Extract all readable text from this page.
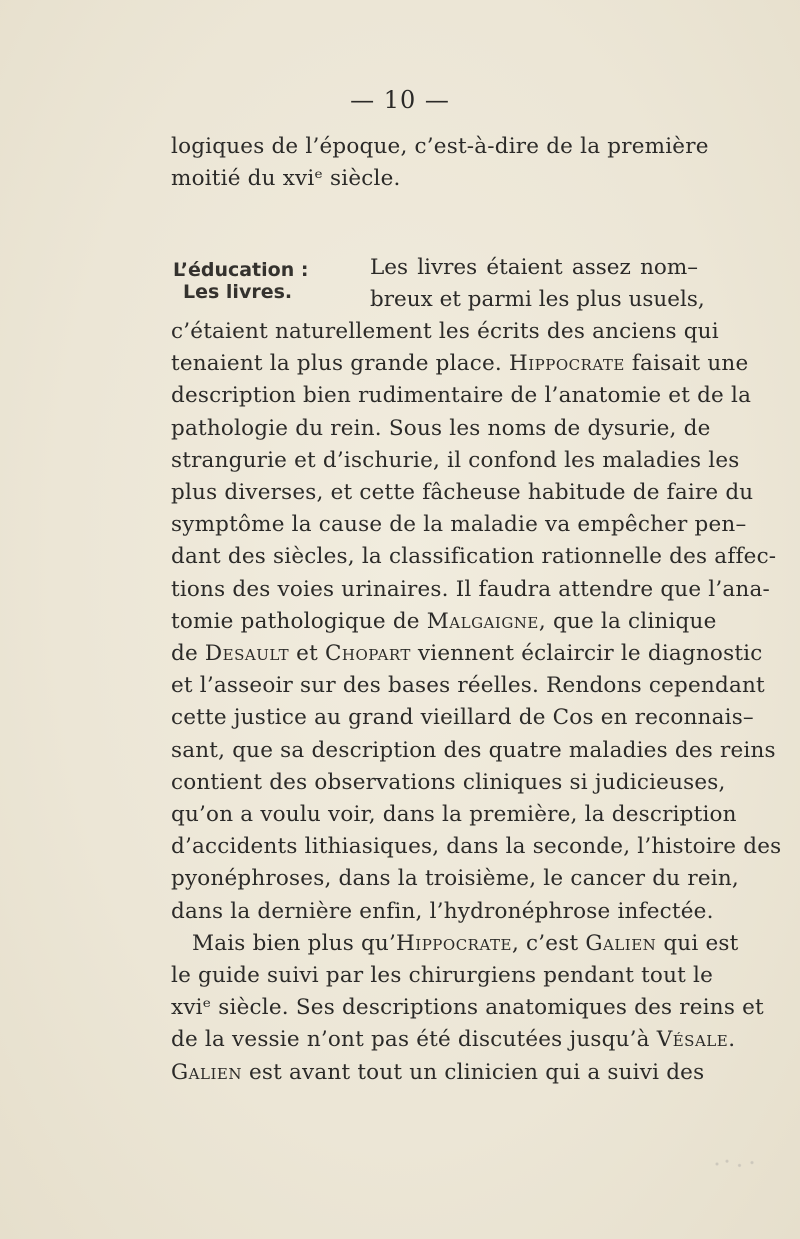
— 10 —
logiques de l’époque, c’est-à-dire de la première
moitié du xviᵉ siècle.
L’éducation :
Les livres.
Les livres étaient assez nom–
breux et parmi les plus usuels,
c’étaient naturellement les écrits des anciens qui
tenaient la plus grande place. Hippocrate faisait une
description bien rudimentaire de l’anatomie et de la
pathologie du rein. Sous les noms de dysurie, de
strangurie et d’ischurie, il confond les maladies les
plus diverses, et cette fâcheuse habitude de faire du
symptôme la cause de la maladie va empêcher pen–
dant des siècles, la classification rationnelle des affec-
tions des voies urinaires. Il faudra attendre que l’ana-
tomie pathologique de Malgaigne, que la clinique
de Desault et Chopart viennent éclaircir le diagnostic
et l’asseoir sur des bases réelles. Rendons cependant
cette justice au grand vieillard de Cos en reconnais–
sant, que sa description des quatre maladies des reins
contient des observations cliniques si judicieuses,
qu’on a voulu voir, dans la première, la description
d’accidents lithiasiques, dans la seconde, l’histoire des
pyonéphroses, dans la troisième, le cancer du rein,
dans la dernière enfin, l’hydronéphrose infectée.
Mais bien plus qu’Hippocrate, c’est Galien qui est
le guide suivi par les chirurgiens pendant tout le
xviᵉ siècle. Ses descriptions anatomiques des reins et
de la vessie n’ont pas été discutées jusqu’à Vésale.
Galien est avant tout un clinicien qui a suivi des
